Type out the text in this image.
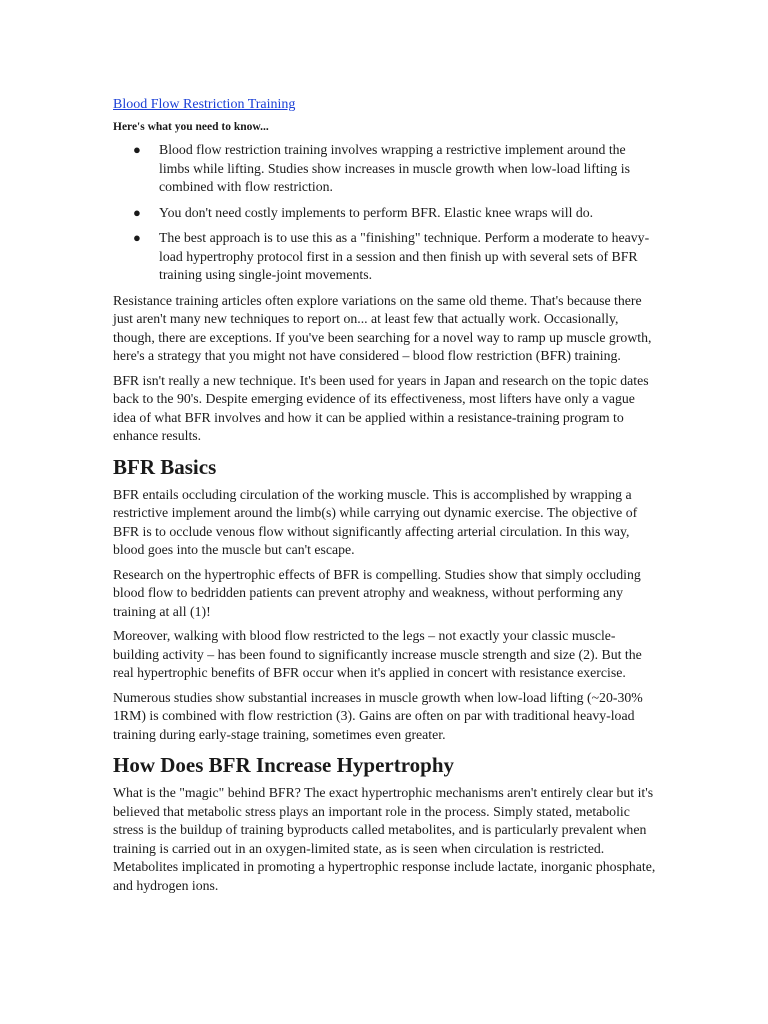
Blood Flow Restriction Training
Here's what you need to know...
● Blood flow restriction training involves wrapping a restrictive implement around the limbs while lifting. Studies show increases in muscle growth when low-load lifting is combined with flow restriction.
● You don't need costly implements to perform BFR. Elastic knee wraps will do.
● The best approach is to use this as a "finishing" technique. Perform a moderate to heavy-load hypertrophy protocol first in a session and then finish up with several sets of BFR training using single-joint movements.

Resistance training articles often explore variations on the same old theme. That's because there just aren't many new techniques to report on... at least few that actually work. Occasionally, though, there are exceptions. If you've been searching for a novel way to ramp up muscle growth, here's a strategy that you might not have considered – blood flow restriction (BFR) training.

BFR isn't really a new technique. It's been used for years in Japan and research on the topic dates back to the 90's. Despite emerging evidence of its effectiveness, most lifters have only a vague idea of what BFR involves and how it can be applied within a resistance-training program to enhance results.

BFR Basics

BFR entails occluding circulation of the working muscle. This is accomplished by wrapping a restrictive implement around the limb(s) while carrying out dynamic exercise. The objective of BFR is to occlude venous flow without significantly affecting arterial circulation. In this way, blood goes into the muscle but can't escape.

Research on the hypertrophic effects of BFR is compelling. Studies show that simply occluding blood flow to bedridden patients can prevent atrophy and weakness, without performing any training at all (1)!

Moreover, walking with blood flow restricted to the legs – not exactly your classic muscle-building activity – has been found to significantly increase muscle strength and size (2). But the real hypertrophic benefits of BFR occur when it's applied in concert with resistance exercise.

Numerous studies show substantial increases in muscle growth when low-load lifting (~20-30% 1RM) is combined with flow restriction (3). Gains are often on par with traditional heavy-load training during early-stage training, sometimes even greater.

How Does BFR Increase Hypertrophy

What is the "magic" behind BFR? The exact hypertrophic mechanisms aren't entirely clear but it's believed that metabolic stress plays an important role in the process. Simply stated, metabolic stress is the buildup of training byproducts called metabolites, and is particularly prevalent when training is carried out in an oxygen-limited state, as is seen when circulation is restricted. Metabolites implicated in promoting a hypertrophic response include lactate, inorganic phosphate, and hydrogen ions.
